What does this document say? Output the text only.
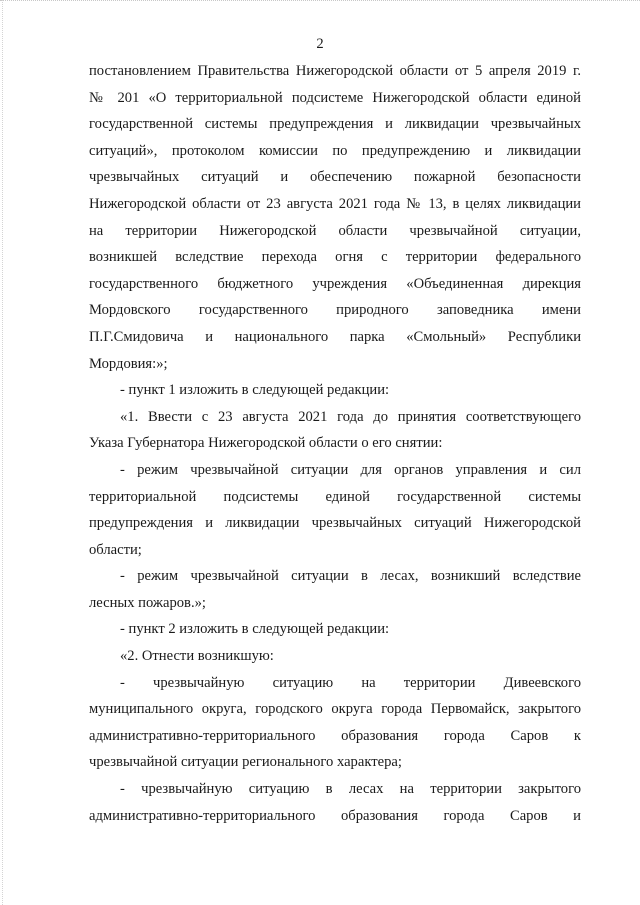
2
постановлением Правительства Нижегородской области от 5 апреля 2019 г.
№ 201 «О территориальной подсистеме Нижегородской области единой
государственной системы предупреждения и ликвидации чрезвычайных
ситуаций», протоколом комиссии по предупреждению и ликвидации
чрезвычайных ситуаций и обеспечению пожарной безопасности
Нижегородской области от 23 августа 2021 года № 13, в целях ликвидации
на территории Нижегородской области чрезвычайной ситуации,
возникшей вследствие перехода огня с территории федерального
государственного бюджетного учреждения «Объединенная дирекция
Мордовского государственного природного заповедника имени
П.Г.Смидовича и национального парка «Смольный» Республики
Мордовия:»;
- пункт 1 изложить в следующей редакции:
«1. Ввести с 23 августа 2021 года до принятия соответствующего
Указа Губернатора Нижегородской области о его снятии:
- режим чрезвычайной ситуации для органов управления и сил
территориальной подсистемы единой государственной системы
предупреждения и ликвидации чрезвычайных ситуаций Нижегородской
области;
- режим чрезвычайной ситуации в лесах, возникший вследствие
лесных пожаров.»;
- пункт 2 изложить в следующей редакции:
«2. Отнести возникшую:
- чрезвычайную ситуацию на территории Дивеевского
муниципального округа, городского округа города Первомайск, закрытого
административно-территориального образования города Саров к
чрезвычайной ситуации регионального характера;
- чрезвычайную ситуацию в лесах на территории закрытого
административно-территориального образования города Саров и
